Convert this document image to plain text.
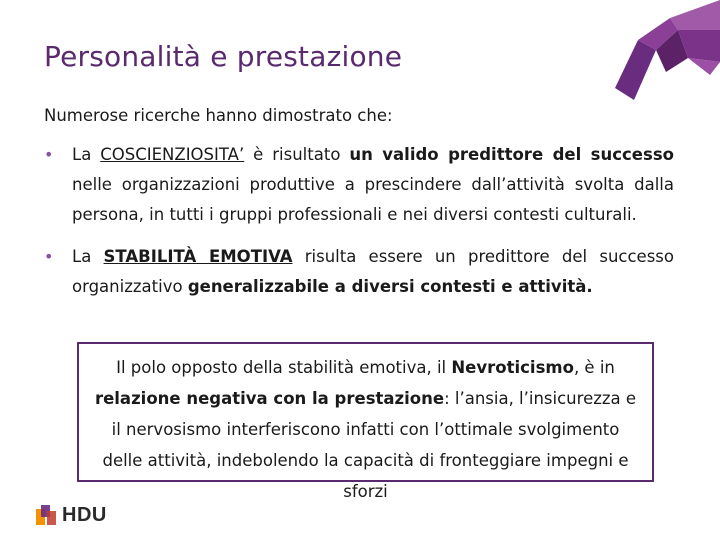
Personalità e prestazione
Numerose ricerche hanno dimostrato che:
• La COSCIENZIOSITA’ è risultato un valido predittore del successo nelle organizzazioni produttive a prescindere dall’attività svolta dalla persona, in tutti i gruppi professionali e nei diversi contesti culturali.
• La STABILITÀ EMOTIVA risulta essere un predittore del successo organizzativo generalizzabile a diversi contesti e attività.
Il polo opposto della stabilità emotiva, il Nevroticismo, è in relazione negativa con la prestazione: l’ansia, l’insicurezza e il nervosismo interferiscono infatti con l’ottimale svolgimento delle attività, indebolendo la capacità di fronteggiare impegni e sforzi
HDU
